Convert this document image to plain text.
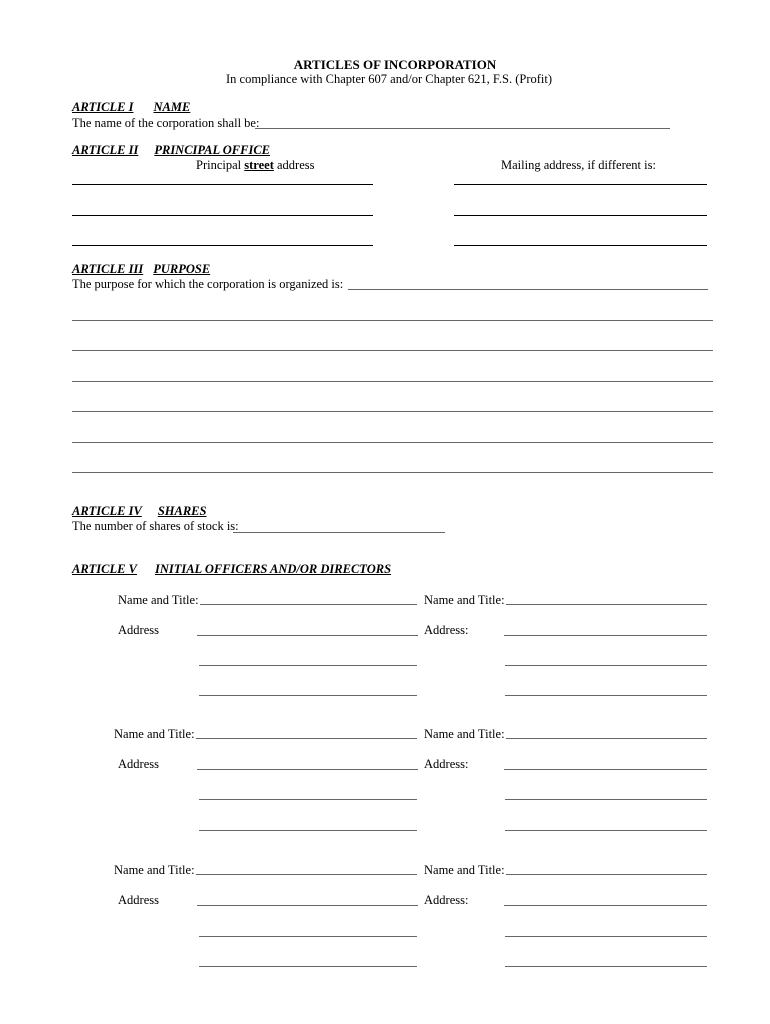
ARTICLES OF INCORPORATION
In compliance with Chapter 607 and/or Chapter 621, F.S. (Profit)
ARTICLE I NAME
The name of the corporation shall be:
ARTICLE II PRINCIPAL OFFICE
Principal street address	Mailing address, if different is:
ARTICLE III PURPOSE
The purpose for which the corporation is organized is:
ARTICLE IV SHARES
The number of shares of stock is:
ARTICLE V INITIAL OFFICERS AND/OR DIRECTORS
Name and Title:	Name and Title:
Address	Address:
Name and Title:	Name and Title:
Address	Address:
Name and Title:	Name and Title:
Address	Address:
